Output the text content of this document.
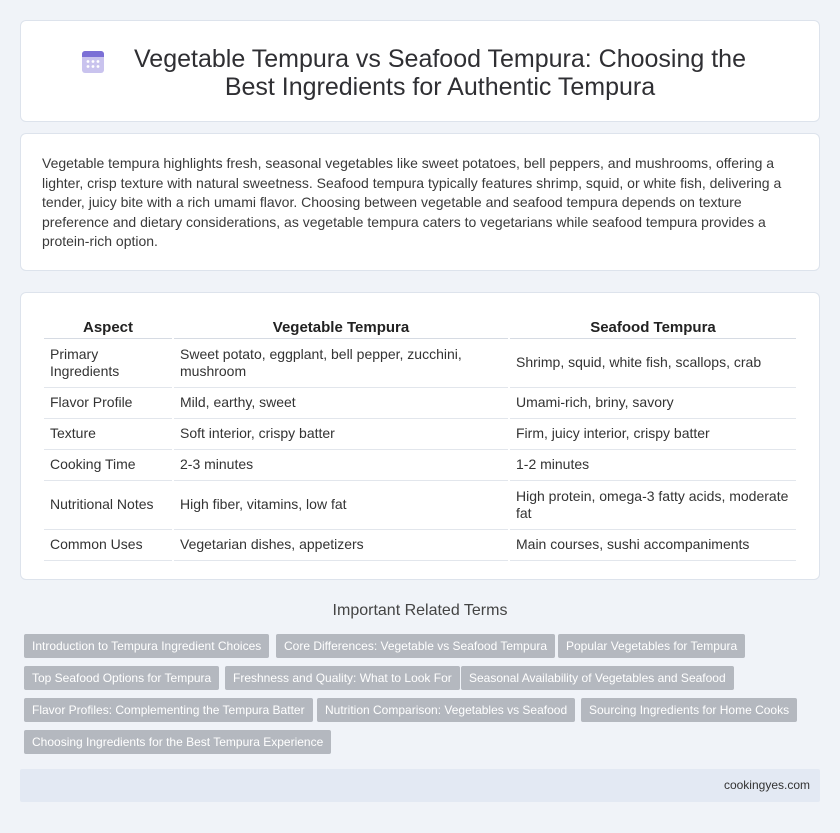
Vegetable Tempura vs Seafood Tempura: Choosing the Best Ingredients for Authentic Tempura

Vegetable tempura highlights fresh, seasonal vegetables like sweet potatoes, bell peppers, and mushrooms, offering a lighter, crisp texture with natural sweetness. Seafood tempura typically features shrimp, squid, or white fish, delivering a tender, juicy bite with a rich umami flavor. Choosing between vegetable and seafood tempura depends on texture preference and dietary considerations, as vegetable tempura caters to vegetarians while seafood tempura provides a protein-rich option.

Aspect	Vegetable Tempura	Seafood Tempura
Primary Ingredients	Sweet potato, eggplant, bell pepper, zucchini, mushroom	Shrimp, squid, white fish, scallops, crab
Flavor Profile	Mild, earthy, sweet	Umami-rich, briny, savory
Texture	Soft interior, crispy batter	Firm, juicy interior, crispy batter
Cooking Time	2-3 minutes	1-2 minutes
Nutritional Notes	High fiber, vitamins, low fat	High protein, omega-3 fatty acids, moderate fat
Common Uses	Vegetarian dishes, appetizers	Main courses, sushi accompaniments
Important Related Terms
Introduction to Tempura Ingredient Choices	Core Differences: Vegetable vs Seafood Tempura	Popular Vegetables for Tempura
Top Seafood Options for Tempura	Freshness and Quality: What to Look For	Seasonal Availability of Vegetables and Seafood
Flavor Profiles: Complementing the Tempura Batter	Nutrition Comparison: Vegetables vs Seafood	Sourcing Ingredients for Home Cooks
Choosing Ingredients for the Best Tempura Experience
cookingyes.com
